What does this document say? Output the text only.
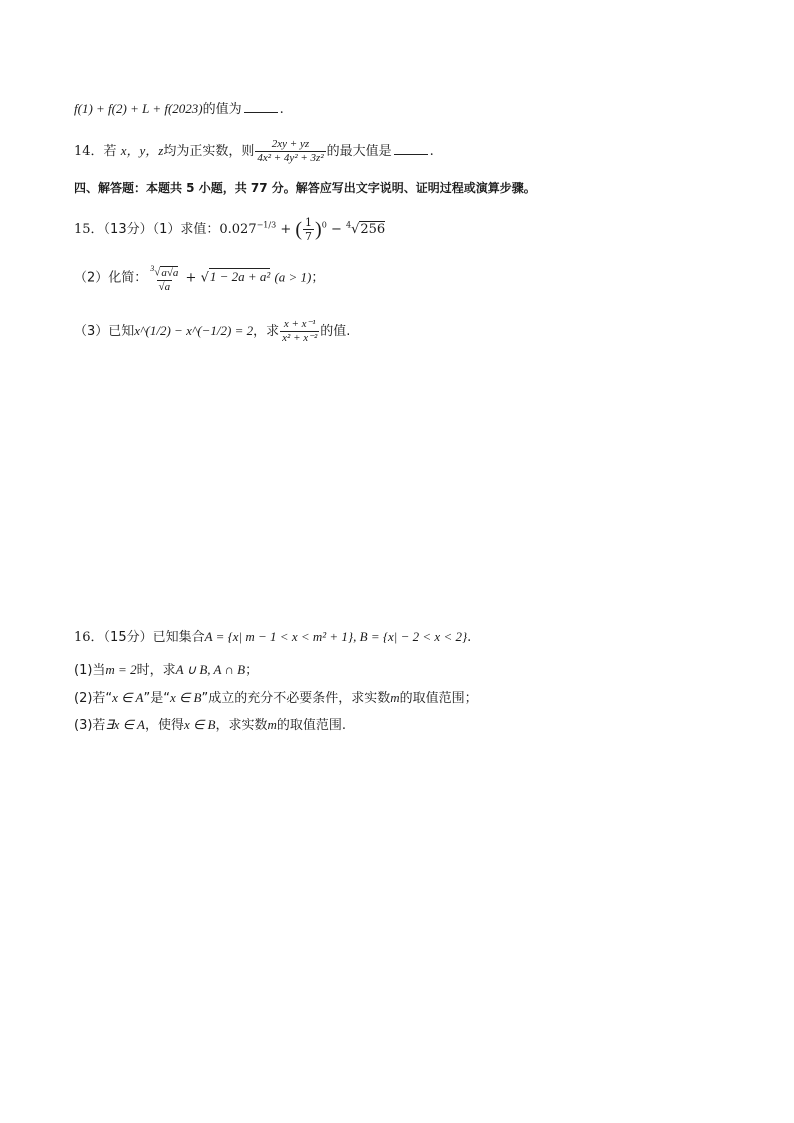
f(1) + f(2) + L + f(2023)的值为	.
14．若 x，y，z均为正实数，则 $\frac{2xy + yz}{\text{4x² + 4y² + 3z²}}$ 的最大值是	.
四、解答题：本题共 5 小题，共 77 分。解答应写出文字说明、证明过程或演算步骤。
15．（13分）（1）求值：$0.027^{-1/3}$ + ( $\frac{1}{7} )^0 - ^4√256$
（2）化简： $\frac{^3√a√a}{√a} + √1 - 2a + a^2$ (a > 1)；
（3）已知x^(1/2) − x^(−1/2) = 2，求 $\frac{\text{x + x⁻¹}}{\text{x² + x⁻²}}$ 的值.
16．（15分）已知集合A = {x| m − 1 < x < m² + 1}, B = {x| − 2 < x < 2}.
(1)当m = 2时，求A ∪ B, A ∩ B；
(2)若“x ∈ A”是“x ∈ B”成立的充分不必要条件，求实数m的取值范围；
(3)若∃x ∈ A，使得x ∈ B，求实数m的取值范围.
